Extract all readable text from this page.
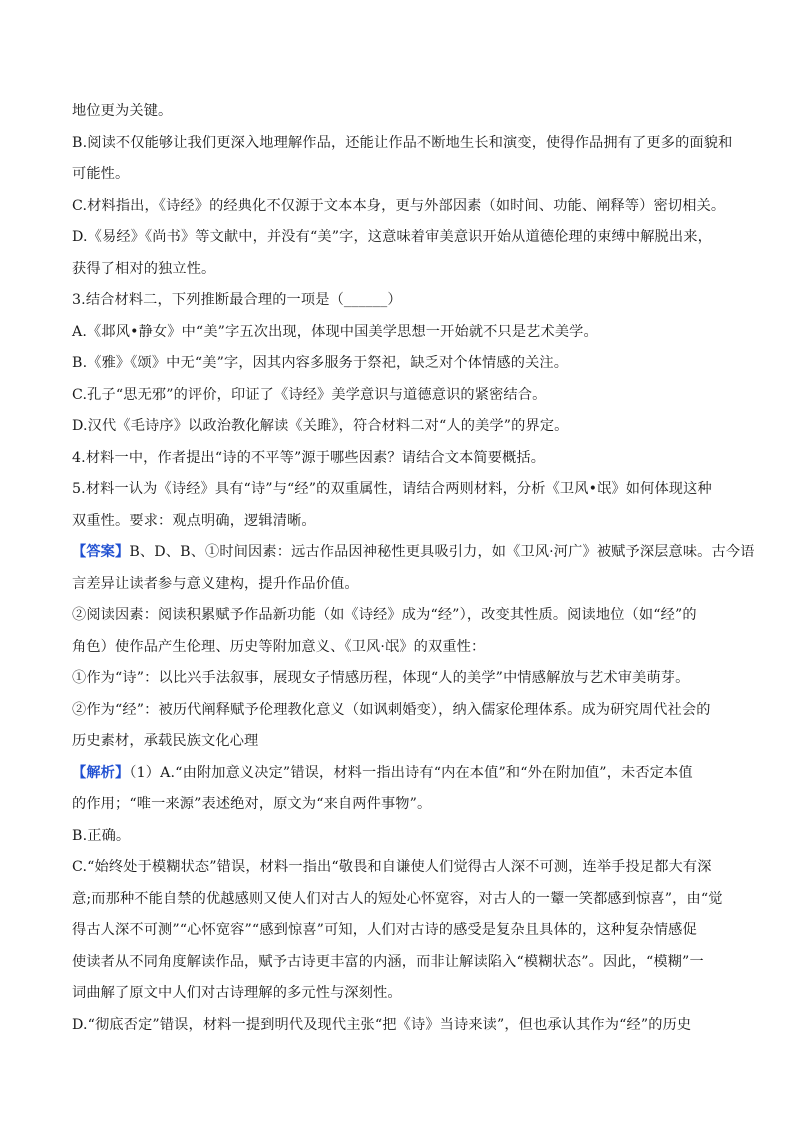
地位更为关键。
B.阅读不仅能够让我们更深入地理解作品，还能让作品不断地生长和演变，使得作品拥有了更多的面貌和
可能性。
C.材料指出，《诗经》的经典化不仅源于文本本身，更与外部因素（如时间、功能、阐释等）密切相关。
D.《易经》《尚书》等文献中，并没有“美”字，这意味着审美意识开始从道德伦理的束缚中解脱出来，
获得了相对的独立性。
3.结合材料二，下列推断最合理的一项是（______）
A.《邶风•静女》中“美”字五次出现，体现中国美学思想一开始就不只是艺术美学。
B.《雅》《颂》中无“美”字，因其内容多服务于祭祀，缺乏对个体情感的关注。
C.孔子“思无邪”的评价，印证了《诗经》美学意识与道德意识的紧密结合。
D.汉代《毛诗序》以政治教化解读《关雎》，符合材料二对“人的美学”的界定。
4.材料一中，作者提出“诗的不平等”源于哪些因素？请结合文本简要概括。
5.材料一认为《诗经》具有“诗”与“经”的双重属性，请结合两则材料，分析《卫风•氓》如何体现这种
双重性。要求：观点明确，逻辑清晰。
【答案】B、D、B、①时间因素：远古作品因神秘性更具吸引力，如《卫风·河广》被赋予深层意味。古今语
言差异让读者参与意义建构，提升作品价值。
②阅读因素：阅读积累赋予作品新功能（如《诗经》成为“经”），改变其性质。阅读地位（如“经”的
角色）使作品产生伦理、历史等附加意义、《卫风·氓》的双重性：
①作为“诗”：以比兴手法叙事，展现女子情感历程，体现“人的美学”中情感解放与艺术审美萌芽。
②作为“经”：被历代阐释赋予伦理教化意义（如讽刺婚变），纳入儒家伦理体系。成为研究周代社会的
历史素材，承载民族文化心理
【解析】（1）A.“由附加意义决定”错误，材料一指出诗有“内在本值”和“外在附加值”，未否定本值
的作用；“唯一来源”表述绝对，原文为“来自两件事物”。
B.正确。
C.“始终处于模糊状态”错误，材料一指出“敬畏和自谦使人们觉得古人深不可测，连举手投足都大有深
意;而那种不能自禁的优越感则又使人们对古人的短处心怀宽容，对古人的一颦一笑都感到惊喜”，由“觉
得古人深不可测”“心怀宽容”“感到惊喜”可知，人们对古诗的感受是复杂且具体的，这种复杂情感促
使读者从不同角度解读作品，赋予古诗更丰富的内涵，而非让解读陷入“模糊状态”。因此，“模糊”一
词曲解了原文中人们对古诗理解的多元性与深刻性。
D.“彻底否定”错误，材料一提到明代及现代主张“把《诗》当诗来读”，但也承认其作为“经”的历史
